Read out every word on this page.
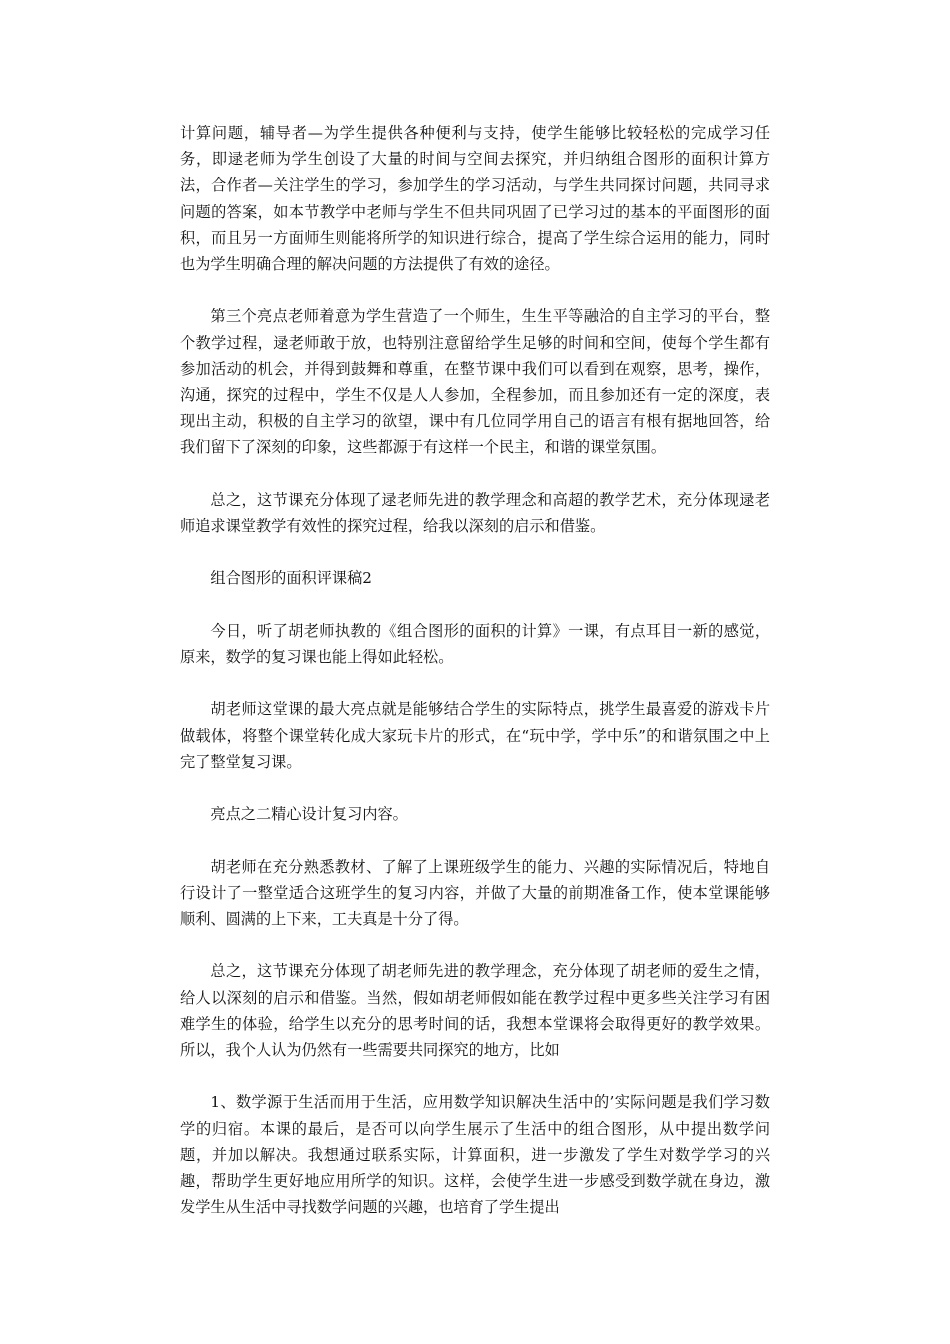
计算问题，辅导者—为学生提供各种便利与支持，使学生能够比较轻松的完成学习任务，即逯老师为学生创设了大量的时间与空间去探究，并归纳组合图形的面积计算方法，合作者—关注学生的学习，参加学生的学习活动，与学生共同探讨问题，共同寻求问题的答案，如本节教学中老师与学生不但共同巩固了已学习过的基本的平面图形的面积，而且另一方面师生则能将所学的知识进行综合，提高了学生综合运用的能力，同时也为学生明确合理的解决问题的方法提供了有效的途径。

第三个亮点老师着意为学生营造了一个师生，生生平等融洽的自主学习的平台，整个教学过程，逯老师敢于放，也特别注意留给学生足够的时间和空间，使每个学生都有参加活动的机会，并得到鼓舞和尊重，在整节课中我们可以看到在观察，思考，操作，沟通，探究的过程中，学生不仅是人人参加，全程参加，而且参加还有一定的深度，表现出主动，积极的自主学习的欲望，课中有几位同学用自己的语言有根有据地回答，给我们留下了深刻的印象，这些都源于有这样一个民主，和谐的课堂氛围。

总之，这节课充分体现了逯老师先进的教学理念和高超的教学艺术，充分体现逯老师追求课堂教学有效性的探究过程，给我以深刻的启示和借鉴。

组合图形的面积评课稿2

今日，听了胡老师执教的《组合图形的面积的计算》一课，有点耳目一新的感觉，原来，数学的复习课也能上得如此轻松。

胡老师这堂课的最大亮点就是能够结合学生的实际特点，挑学生最喜爱的游戏卡片做载体，将整个课堂转化成大家玩卡片的形式，在“玩中学，学中乐”的和谐氛围之中上完了整堂复习课。

亮点之二精心设计复习内容。

胡老师在充分熟悉教材、了解了上课班级学生的能力、兴趣的实际情况后，特地自行设计了一整堂适合这班学生的复习内容，并做了大量的前期准备工作，使本堂课能够顺利、圆满的上下来，工夫真是十分了得。

总之，这节课充分体现了胡老师先进的教学理念，充分体现了胡老师的爱生之情，给人以深刻的启示和借鉴。当然，假如胡老师假如能在教学过程中更多些关注学习有困难学生的体验，给学生以充分的思考时间的话，我想本堂课将会取得更好的教学效果。所以，我个人认为仍然有一些需要共同探究的地方，比如

1、数学源于生活而用于生活，应用数学知识解决生活中的’实际问题是我们学习数学的归宿。本课的最后，是否可以向学生展示了生活中的组合图形，从中提出数学问题，并加以解决。我想通过联系实际，计算面积，进一步激发了学生对数学学习的兴趣，帮助学生更好地应用所学的知识。这样，会使学生进一步感受到数学就在身边，激发学生从生活中寻找数学问题的兴趣，也培育了学生提出
